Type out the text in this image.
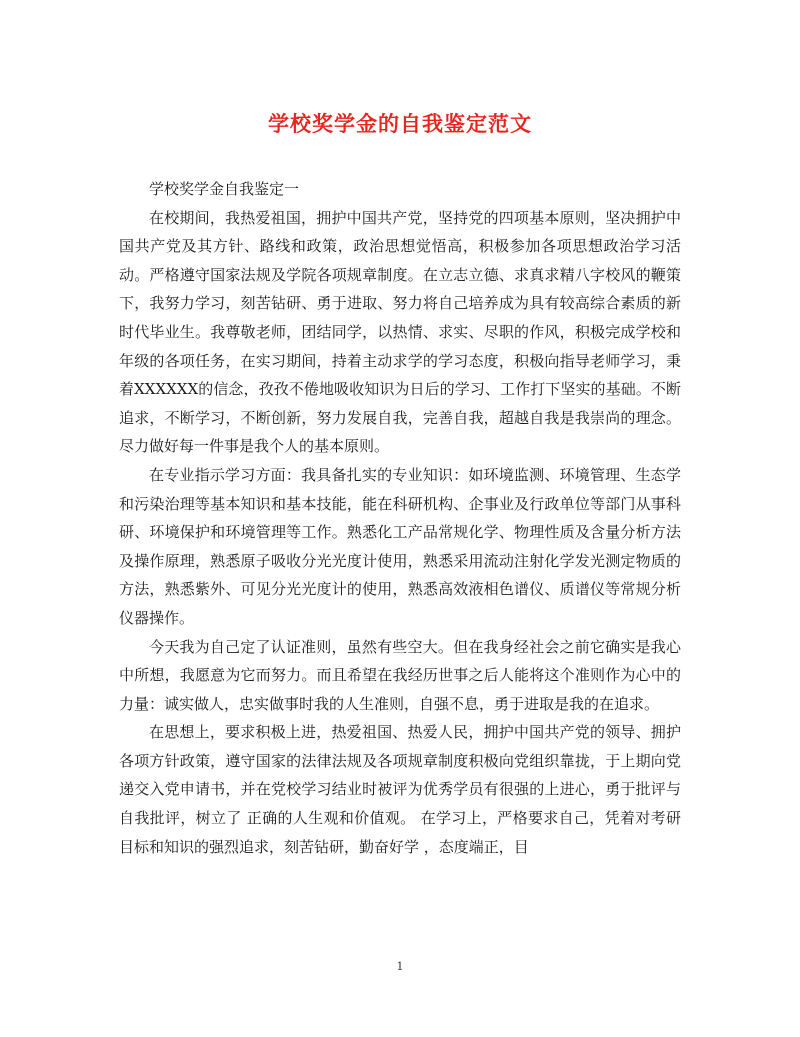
学校奖学金的自我鉴定范文

学校奖学金自我鉴定一

在校期间，我热爱祖国，拥护中国共产党，坚持党的四项基本原则，坚决拥护中国共产党及其方针、路线和政策，政治思想觉悟高，积极参加各项思想政治学习活动。严格遵守国家法规及学院各项规章制度。在立志立德、求真求精八字校风的鞭策下，我努力学习，刻苦钻研、勇于进取、努力将自己培养成为具有较高综合素质的新时代毕业生。我尊敬老师，团结同学，以热情、求实、尽职的作风，积极完成学校和年级的各项任务，在实习期间，持着主动求学的学习态度，积极向指导老师学习，秉着XXXXXX的信念，孜孜不倦地吸收知识为日后的学习、工作打下坚实的基础。不断追求，不断学习，不断创新，努力发展自我，完善自我，超越自我是我崇尚的理念。尽力做好每一件事是我个人的基本原则。

在专业指示学习方面：我具备扎实的专业知识：如环境监测、环境管理、生态学和污染治理等基本知识和基本技能，能在科研机构、企事业及行政单位等部门从事科研、环境保护和环境管理等工作。熟悉化工产品常规化学、物理性质及含量分析方法及操作原理，熟悉原子吸收分光光度计使用，熟悉采用流动注射化学发光测定物质的方法，熟悉紫外、可见分光光度计的使用，熟悉高效液相色谱仪、质谱仪等常规分析仪器操作。

今天我为自己定了认证准则，虽然有些空大。但在我身经社会之前它确实是我心中所想，我愿意为它而努力。而且希望在我经历世事之后人能将这个准则作为心中的力量：诚实做人，忠实做事时我的人生准则，自强不息，勇于进取是我的在追求。

在思想上，要求积极上进，热爱祖国、热爱人民，拥护中国共产党的领导、拥护 各项方针政策，遵守国家的法律法规及各项规章制度积极向党组织靠拢，于上期向党递交入党申请书，并在党校学习结业时被评为优秀学员有很强的上进心，勇于批评与自我批评，树立了 正确的人生观和价值观。 在学习上，严格要求自己，凭着对考研目标和知识的强烈追求，刻苦钻研，勤奋好学 ，态度端正，目

1
